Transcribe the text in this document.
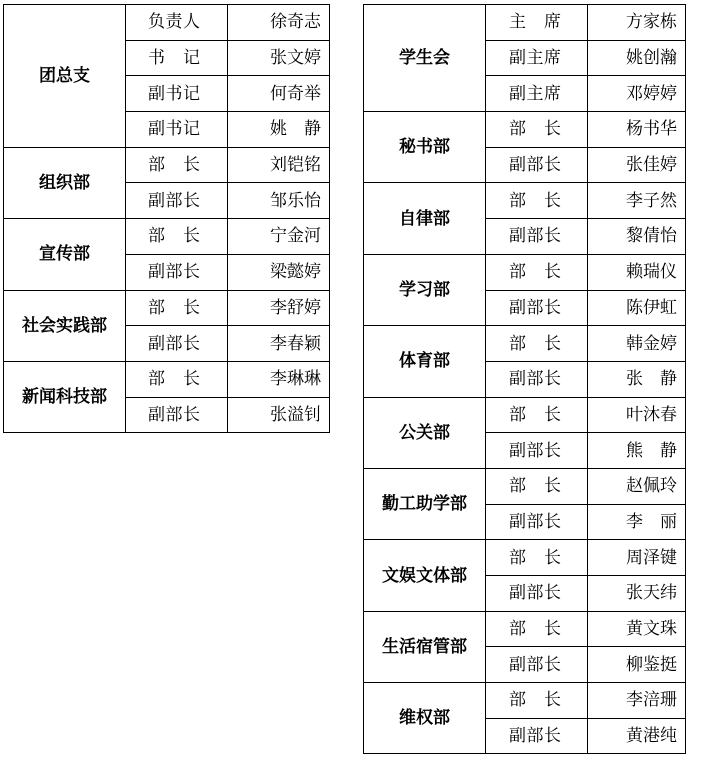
团总支	负责人	徐奇志
	书　记	张文婷
	副书记	何奇举
	副书记	姚　静
组织部	部　长	刘铠铭
	副部长	邹乐怡
宣传部	部　长	宁金河
	副部长	梁懿婷
社会实践部	部　长	李舒婷
	副部长	李春颖
新闻科技部	部　长	李琳琳
	副部长	张溢钊
学生会	主　席	方家栋
	副主席	姚创瀚
	副主席	邓婷婷
秘书部	部　长	杨书华
	副部长	张佳婷
自律部	部　长	李子然
	副部长	黎倩怡
学习部	部　长	赖瑞仪
	副部长	陈伊虹
体育部	部　长	韩金婷
	副部长	张　静
公关部	部　长	叶沐春
	副部长	熊　静
勤工助学部	部　长	赵佩玲
	副部长	李　丽
文娱文体部	部　长	周泽键
	副部长	张天纬
生活宿管部	部　长	黄文珠
	副部长	柳鉴挺
维权部	部　长	李涪珊
	副部长	黄港纯
